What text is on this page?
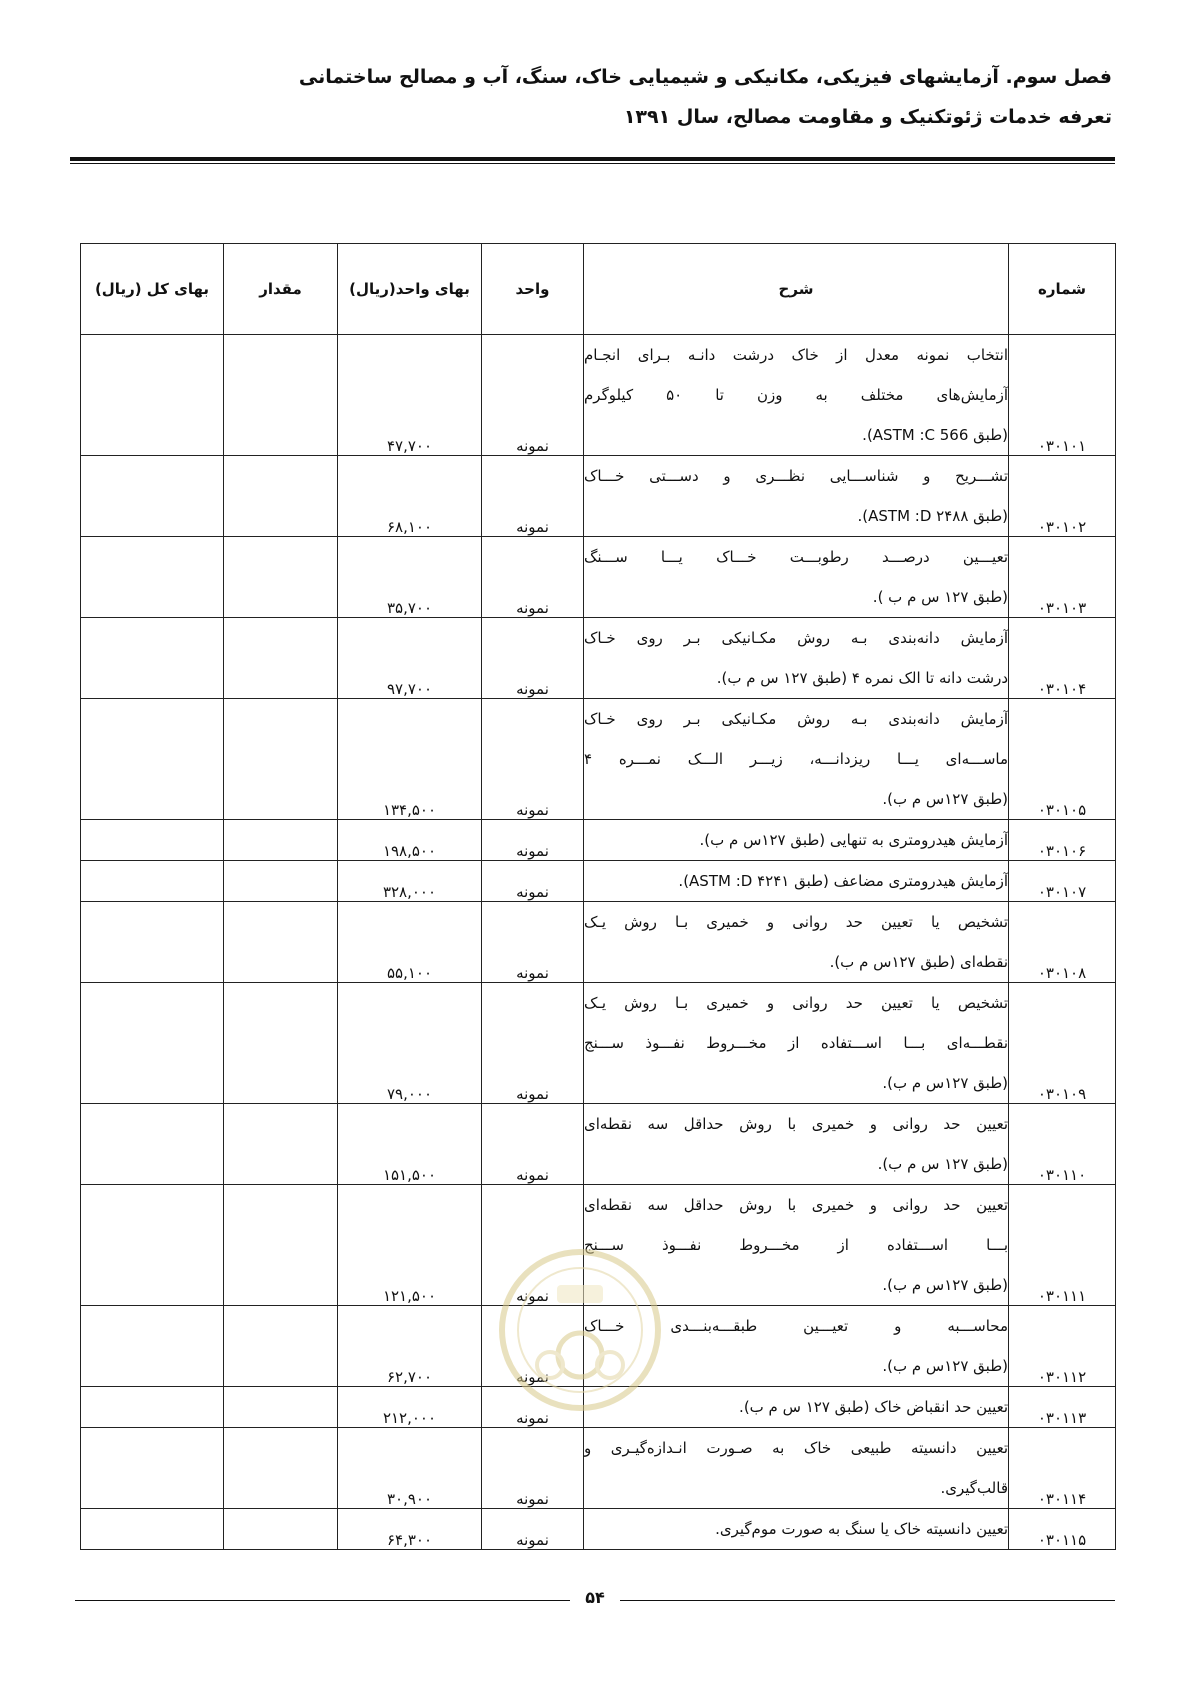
فصل سوم. آزمایشهای فیزیکی، مکانیکی و شیمیایی خاک، سنگ، آب و مصالح ساختمانی
تعرفه خدمات ژئوتکنیک و مقاومت مصالح، سال ۱۳۹۱
شماره	شرح	واحد	بهای واحد(ریال)	مقدار	بهای کل (ریال)
۰۳۰۱۰۱	انتخاب نمونه معدل از خاک درشت دانـه بـرای انجـام
آزمایش‌های مختلف به وزن تا ۵۰ کیلوگرم
(طبق ASTM :C 566).	نمونه	۴۷,۷۰۰		
۰۳۰۱۰۲	تشـــریح و شناســـایی نظـــری و دســـتی خـــاک
(طبق ASTM :D ۲۴۸۸).	نمونه	۶۸,۱۰۰		
۰۳۰۱۰۳	تعیـــین درصـــد رطوبـــت خـــاک یـــا ســـنگ
(طبق ۱۲۷ س م ب ).	نمونه	۳۵,۷۰۰		
۰۳۰۱۰۴	آزمایش دانه‌بندی بـه روش مکـانیکی بـر روی خـاک
درشت دانه تا الک نمره ۴ (طبق ۱۲۷ س م ب).	نمونه	۹۷,۷۰۰		
۰۳۰۱۰۵	آزمایش دانه‌بندی بـه روش مکـانیکی بـر روی خـاک
ماســـه‌ای یـــا ریزدانـــه، زیـــر الـــک نمـــره ۴
(طبق ۱۲۷س م ب).	نمونه	۱۳۴,۵۰۰		
۰۳۰۱۰۶	آزمایش هیدرومتری به تنهایی (طبق ۱۲۷س م ب).	نمونه	۱۹۸,۵۰۰		
۰۳۰۱۰۷	آزمایش هیدرومتری مضاعف (طبق ASTM :D ۴۲۴۱).	نمونه	۳۲۸,۰۰۰		
۰۳۰۱۰۸	تشخیص یا تعیین حد روانی و خمیری بـا روش یـک
نقطه‌ای (طبق ۱۲۷س م ب).	نمونه	۵۵,۱۰۰		
۰۳۰۱۰۹	تشخیص یا تعیین حد روانی و خمیری بـا روش یـک
نقطـــه‌ای بـــا اســـتفاده از مخـــروط نفـــوذ ســـنج
(طبق ۱۲۷س م ب).	نمونه	۷۹,۰۰۰		
۰۳۰۱۱۰	تعیین حد روانی و خمیری با روش حداقل سه نقطه‌ای
(طبق ۱۲۷ س م ب).	نمونه	۱۵۱,۵۰۰		
۰۳۰۱۱۱	تعیین حد روانی و خمیری با روش حداقل سه نقطه‌ای
بـــا اســـتفاده از مخـــروط نفـــوذ ســـنج
(طبق ۱۲۷س م ب).	نمونه	۱۲۱,۵۰۰		
۰۳۰۱۱۲	محاســـبه و تعیـــین طبقـــه‌بنـــدی خـــاک
(طبق ۱۲۷س م ب).	نمونه	۶۲,۷۰۰		
۰۳۰۱۱۳	تعیین حد انقباض خاک (طبق ۱۲۷ س م ب).	نمونه	۲۱۲,۰۰۰		
۰۳۰۱۱۴	تعیین دانسیته طبیعی خاک به صـورت انـدازه‌گیـری و
قالب‌گیری.	نمونه	۳۰,۹۰۰		
۰۳۰۱۱۵	تعیین دانسیته خاک یا سنگ به صورت موم‌گیری.	نمونه	۶۴,۳۰۰		
۵۴
